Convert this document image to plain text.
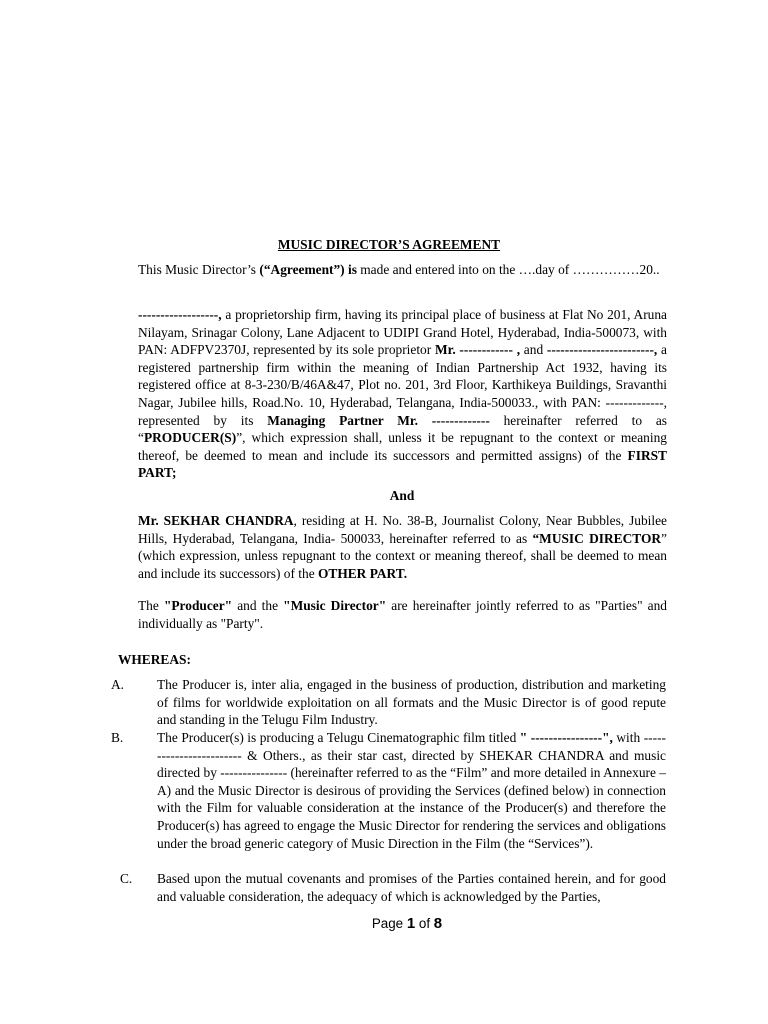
MUSIC DIRECTOR’S AGREEMENT

This Music Director’s (“Agreement”) is made and entered into on the ….day of ……………20..

------------------, a proprietorship firm, having its principal place of business at Flat No 201, Aruna Nilayam, Srinagar Colony, Lane Adjacent to UDIPI Grand Hotel, Hyderabad, India-500073, with PAN: ADFPV2370J, represented by its sole proprietor Mr. ------------ , and ------------------------, a registered partnership firm within the meaning of Indian Partnership Act 1932, having its registered office at 8-3-230/B/46A&47, Plot no. 201, 3rd Floor, Karthikeya Buildings, Sravanthi Nagar, Jubilee hills, Road.No. 10, Hyderabad, Telangana, India-500033., with PAN: -------------, represented by its Managing Partner Mr. ------------- hereinafter referred to as “PRODUCER(S)”, which expression shall, unless it be repugnant to the context or meaning thereof, be deemed to mean and include its successors and permitted assigns) of the FIRST PART;

And

Mr. SEKHAR CHANDRA, residing at H. No. 38-B, Journalist Colony, Near Bubbles, Jubilee Hills, Hyderabad, Telangana, India- 500033, hereinafter referred to as “MUSIC DIRECTOR” (which expression, unless repugnant to the context or meaning thereof, shall be deemed to mean and include its successors) of the OTHER PART.

The "Producer" and the "Music Director" are hereinafter jointly referred to as "Parties" and individually as "Party".

WHEREAS:

A. The Producer is, inter alia, engaged in the business of production, distribution and marketing of films for worldwide exploitation on all formats and the Music Director is of good repute and standing in the Telugu Film Industry.
B.	The Producer(s) is producing a Telugu Cinematographic film titled " ----------------", with ------------------------ & Others., as their star cast, directed by SHEKAR CHANDRA and music directed by --------------- (hereinafter referred to as the “Film” and more detailed in Annexure – A) and the Music Director is desirous of providing the Services (defined below) in connection with the Film for valuable consideration at the instance of the Producer(s) and therefore the Producer(s) has agreed to engage the Music Director for rendering the services and obligations under the broad generic category of Music Direction in the Film (the “Services”).
C. Based upon the mutual covenants and promises of the Parties contained herein, and for good and valuable consideration, the adequacy of which is acknowledged by the Parties,
Page 1 of 8
